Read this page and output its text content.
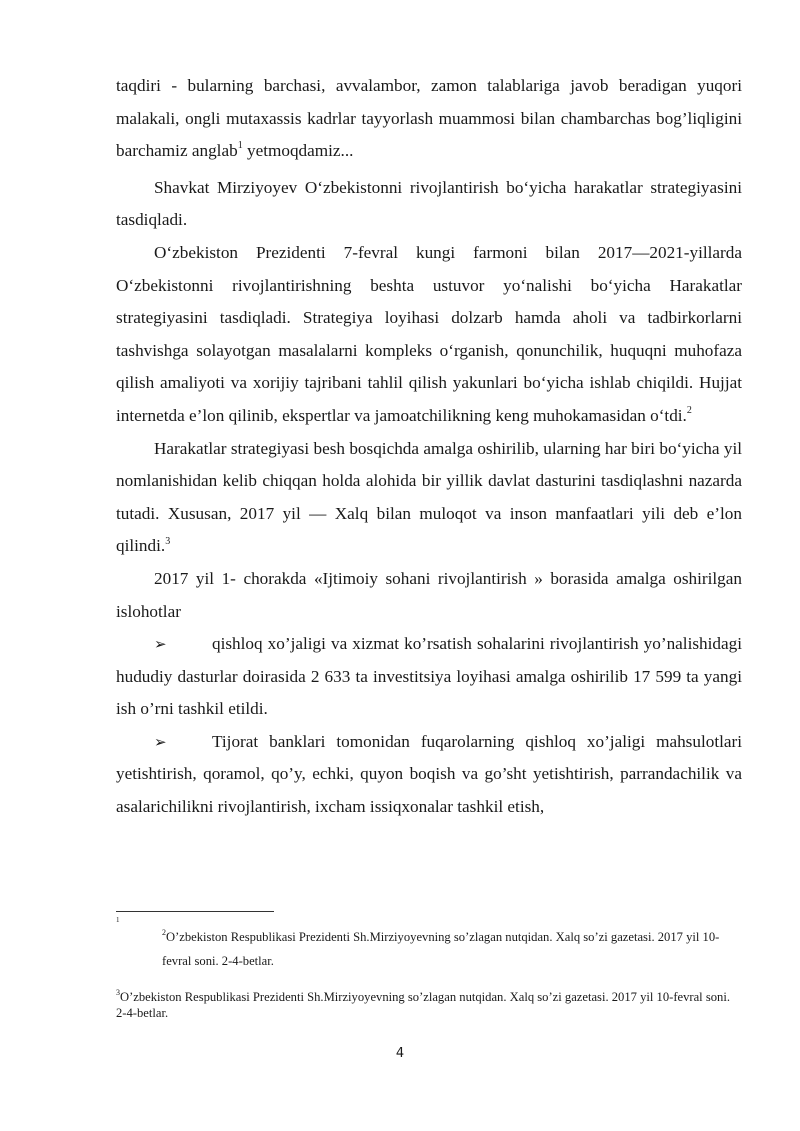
taqdiri - bularning barchasi, avvalambor, zamon talablariga javob beradigan yuqori malakali, ongli mutaxassis kadrlar tayyorlash muammosi bilan chambarchas bog’liqligini barchamiz anglab$^1$ yetmoqdamiz...

Shavkat Mirziyoyev O‘zbekistonni rivojlantirish bo‘yicha harakatlar strategiyasini tasdiqladi.

O‘zbekiston Prezidenti 7-fevral kungi farmoni bilan 2017—2021-yillarda O‘zbekistonni rivojlantirishning beshta ustuvor yo‘nalishi bo‘yicha Harakatlar strategiyasini tasdiqladi. Strategiya loyihasi dolzarb hamda aholi va tadbirkorlarni tashvishga solayotgan masalalarni kompleks o‘rganish, qonunchilik, huquqni muhofaza qilish amaliyoti va xorijiy tajribani tahlil qilish yakunlari bo‘yicha ishlab chiqildi. Hujjat internetda e’lon qilinib, ekspertlar va jamoatchilikning keng muhokamasidan o‘tdi.$^2$

Harakatlar strategiyasi besh bosqichda amalga oshirilib, ularning har biri bo‘yicha yil nomlanishidan kelib chiqqan holda alohida bir yillik davlat dasturini tasdiqlashni nazarda tutadi. Xususan, 2017 yil — Xalq bilan muloqot va inson manfaatlari yili deb e’lon qilindi.$^3$

2017 yil 1- chorakda «Ijtimoiy sohani rivojlantirish » borasida amalga oshirilgan islohotlar

➢	qishloq xo’jaligi va xizmat ko’rsatish sohalarini rivojlantirish yo’nalishidagi hududiy dasturlar doirasida 2 633 ta investitsiya loyihasi amalga oshirilib 17 599 ta yangi ish o’rni tashkil etildi.

➢	Tijorat banklari tomonidan fuqarolarning qishloq xo’jaligi mahsulotlari yetishtirish, qoramol, qo’y, echki, quyon boqish va go’sht yetishtirish, parrandachilik va asalarichilikni rivojlantirish, ixcham issiqxonalar tashkil etish,

1

$^2$O’zbekiston Respublikasi Prezidenti Sh.Mirziyoyevning so’zlagan nutqidan. Xalq so’zi gazetasi. 2017 yil 10-fevral soni. 2-4-betlar.

$^3$O’zbekiston Respublikasi Prezidenti Sh.Mirziyoyevning so’zlagan nutqidan. Xalq so’zi gazetasi. 2017 yil 10-fevral soni. 2-4-betlar.

4
